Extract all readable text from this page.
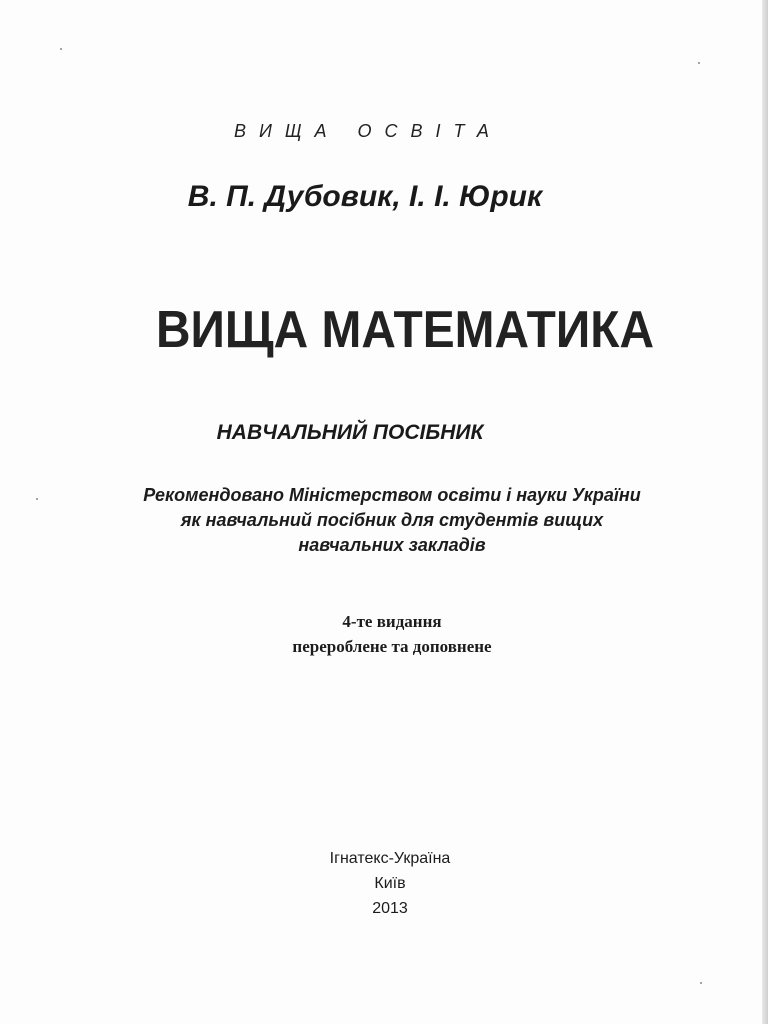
ВИЩА ОСВІТА
В. П. Дубовик, І. І. Юрик
ВИЩА МАТЕМАТИКА
НАВЧАЛЬНИЙ ПОСІБНИК
Рекомендовано Міністерством освіти і науки України
як навчальний посібник для студентів вищих
навчальних закладів
4-те видання
перероблене та доповнене
Ігнатекс-Україна
Київ
2013
